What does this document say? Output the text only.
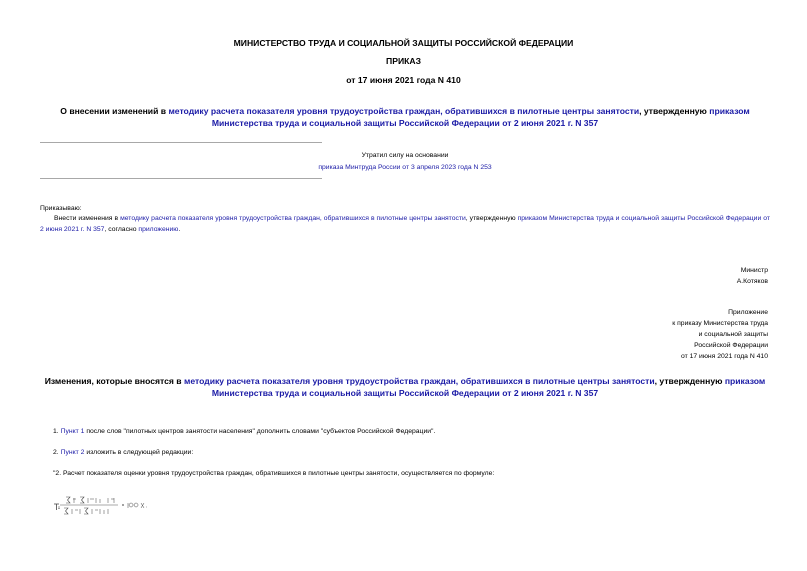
МИНИСТЕРСТВО ТРУДА И СОЦИАЛЬНОЙ ЗАЩИТЫ РОССИЙСКОЙ ФЕДЕРАЦИИ
ПРИКАЗ
от 17 июня 2021 года N 410
О внесении изменений в методику расчета показателя уровня трудоустройства граждан, обратившихся в пилотные центры занятости, утвержденную приказом Министерства труда и социальной защиты Российской Федерации от 2 июня 2021 г. N 357
Утратил силу на основании
приказа Минтруда России от 3 апреля 2023 года N 253
Приказываю:
Внести изменения в методику расчета показателя уровня трудоустройства граждан, обратившихся в пилотные центры занятости, утвержденную приказом Министерства труда и социальной защиты Российской Федерации от 2 июня 2021 г. N 357, согласно приложению.
Министр
А.Котяков
Приложение
к приказу Министерства труда
и социальной защиты
Российской Федерации
от 17 июня 2021 года N 410
Изменения, которые вносятся в методику расчета показателя уровня трудоустройства граждан, обратившихся в пилотные центры занятости, утвержденную приказом Министерства труда и социальной защиты Российской Федерации от 2 июня 2021 г. N 357
1. Пункт 1 после слов "пилотных центров занятости населения" дополнить словами "субъектов Российской Федерации".
2. Пункт 2 изложить в следующей редакции:
"2. Расчет показателя оценки уровня трудоустройства граждан, обратившихся в пилотные центры занятости, осуществляется по формуле:
